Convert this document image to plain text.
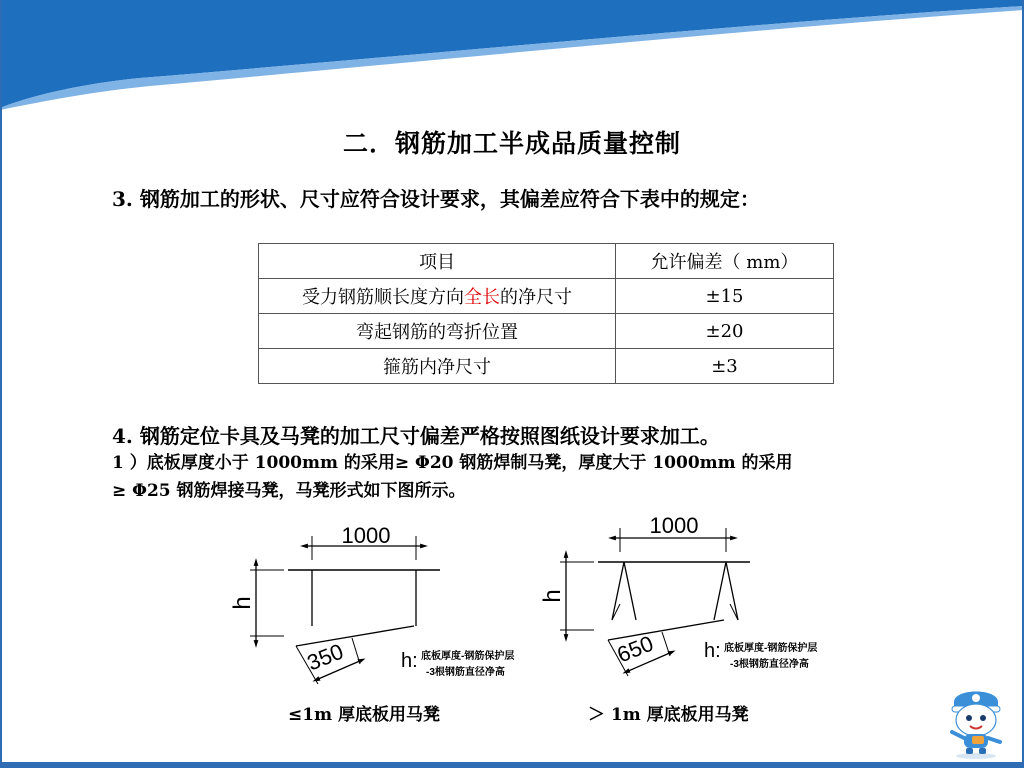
二．钢筋加工半成品质量控制
3. 钢筋加工的形状、尺寸应符合设计要求，其偏差应符合下表中的规定：
项目	允许偏差（ mm）
受力钢筋顺长度方向全长的净尺寸	±15
弯起钢筋的弯折位置	±20
箍筋内净尺寸	±3
4. 钢筋定位卡具及马凳的加工尺寸偏差严格按照图纸设计要求加工。
1 ）底板厚度小于 1000mm 的采用≥ Φ20 钢筋焊制马凳，厚度大于 1000mm 的采用
≥ Φ25 钢筋焊接马凳，马凳形式如下图所示。
1000
h
350	h: 底板厚度-钢筋保护层
-3根钢筋直径净高
1000
h
650 h: 底板厚度-钢筋保护层
-3根钢筋直径净高
≤1m 厚底板用马凳	＞ 1m 厚底板用马凳
